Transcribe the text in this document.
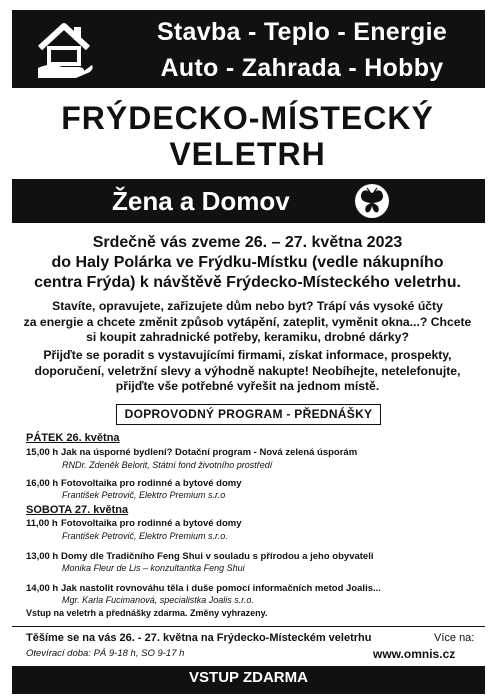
Stavba - Teplo - Energie
Auto - Zahrada - Hobby
FRÝDECKO-MÍSTECKÝ
VELETRH
Žena a Domov
Srdečně vás zveme 26. – 27. května 2023
do Haly Polárka ve Frýdku-Místku (vedle nákupního
centra Frýda) k návštěvě Frýdecko-Místeckého veletrhu.
Stavíte, opravujete, zařizujete dům nebo byt? Trápí vás vysoké účty
za energie a chcete změnit způsob vytápění, zateplit, vyměnit okna...? Chcete
si koupit zahradnické potřeby, keramiku, drobné dárky?
Přijďte se poradit s vystavujícími firmami, získat informace, prospekty,
doporučení, veletržní slevy a výhodně nakupte! Neobíhejte, netelefonujte,
přijďte vše potřebné vyřešit na jednom místě.
DOPROVODNÝ PROGRAM - PŘEDNÁŠKY
PÁTEK 26. května
15,00 h Jak na úsporné bydlení? Dotační program - Nová zelená úsporám
RNDr. Zdeněk Belorit, Státní fond životního prostředí
16,00 h Fotovoltaika pro rodinné a bytové domy
František Petrovič, Elektro Premium s.r.o
SOBOTA 27. května
11,00 h Fotovoltaika pro rodinné a bytové domy
František Petrovič, Elektro Premium s.r.o.
13,00 h Domy dle Tradičního Feng Shui v souladu s přírodou a jeho obyvateli
Monika Fleur de Lis – konzultantka Feng Shui
14,00 h Jak nastolit rovnováhu těla i duše pomocí informačních metod Joalis...
Mgr. Karla Fucimanová, specialistka Joalis s.r.o.
Vstup na veletrh a přednášky zdarma. Změny vyhrazeny.
Těšíme se na vás 26. - 27. května na Frýdecko-Místeckém veletrhu
Otevírací doba: PÁ 9-18 h, SO 9-17 h
Více na:
www.omnis.cz
VSTUP ZDARMA
